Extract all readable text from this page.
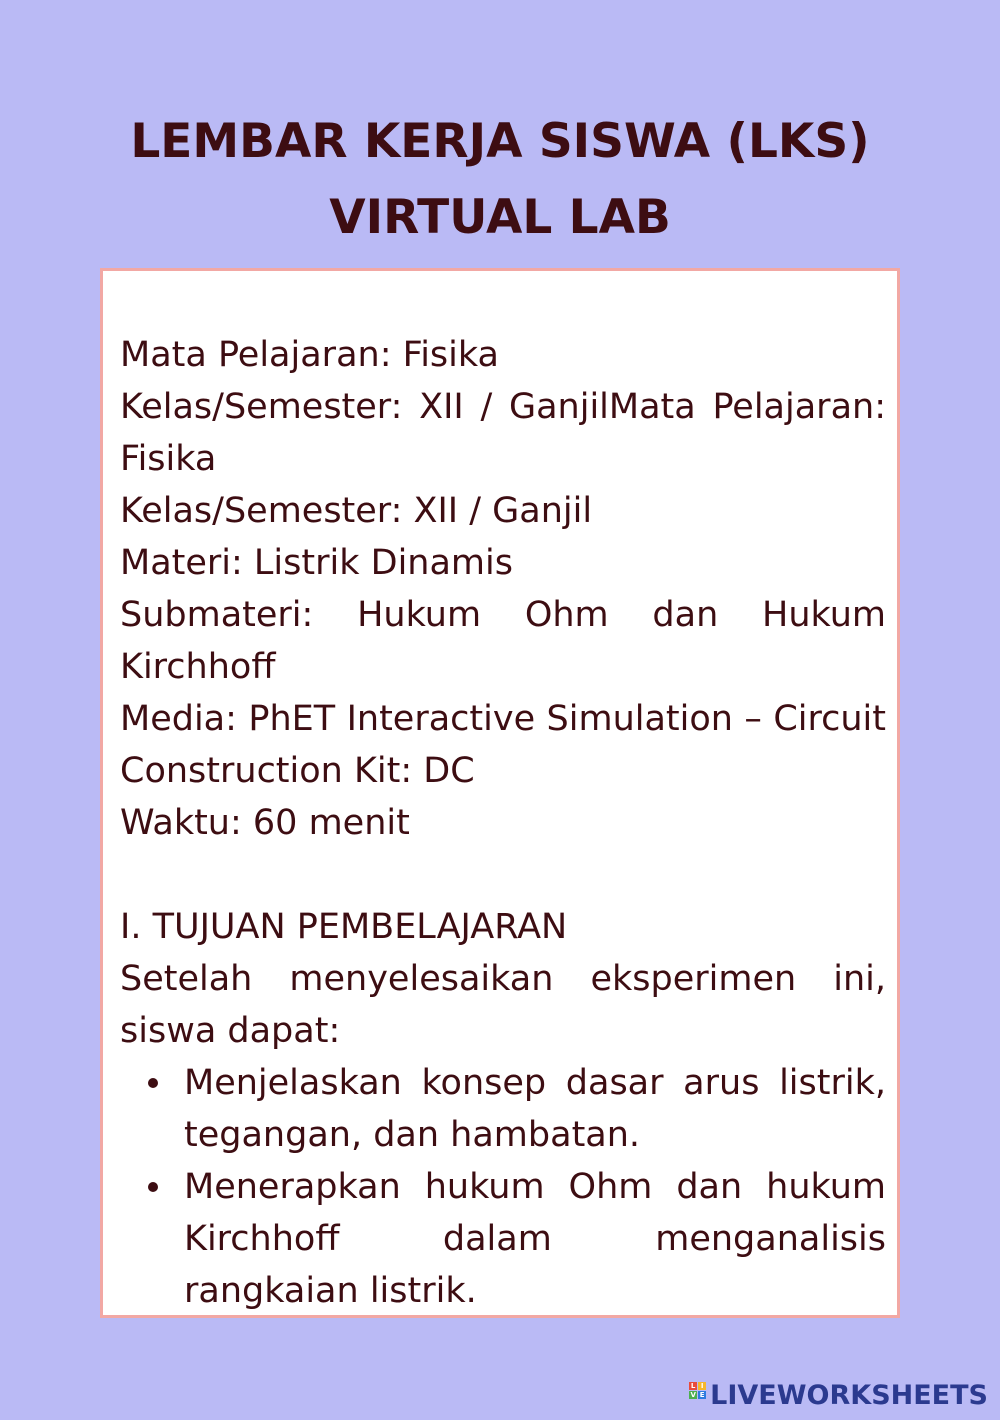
LEMBAR KERJA SISWA (LKS)
VIRTUAL LAB

Mata Pelajaran: Fisika

Kelas/Semester: XII / GanjilMata Pelajaran: Fisika

Kelas/Semester: XII / Ganjil

Materi: Listrik Dinamis

Submateri: Hukum Ohm dan Hukum Kirchhoff

Media: PhET Interactive Simulation – Circuit Construction Kit: DC

Waktu: 60 menit

I. TUJUAN PEMBELAJARAN

Setelah menyelesaikan eksperimen ini, siswa dapat:

Menjelaskan konsep dasar arus listrik, tegangan, dan hambatan.
Menerapkan hukum Ohm dan hukum Kirchhoff dalam menganalisis rangkaian listrik.
L I
V E LIVEWORKSHEETS
